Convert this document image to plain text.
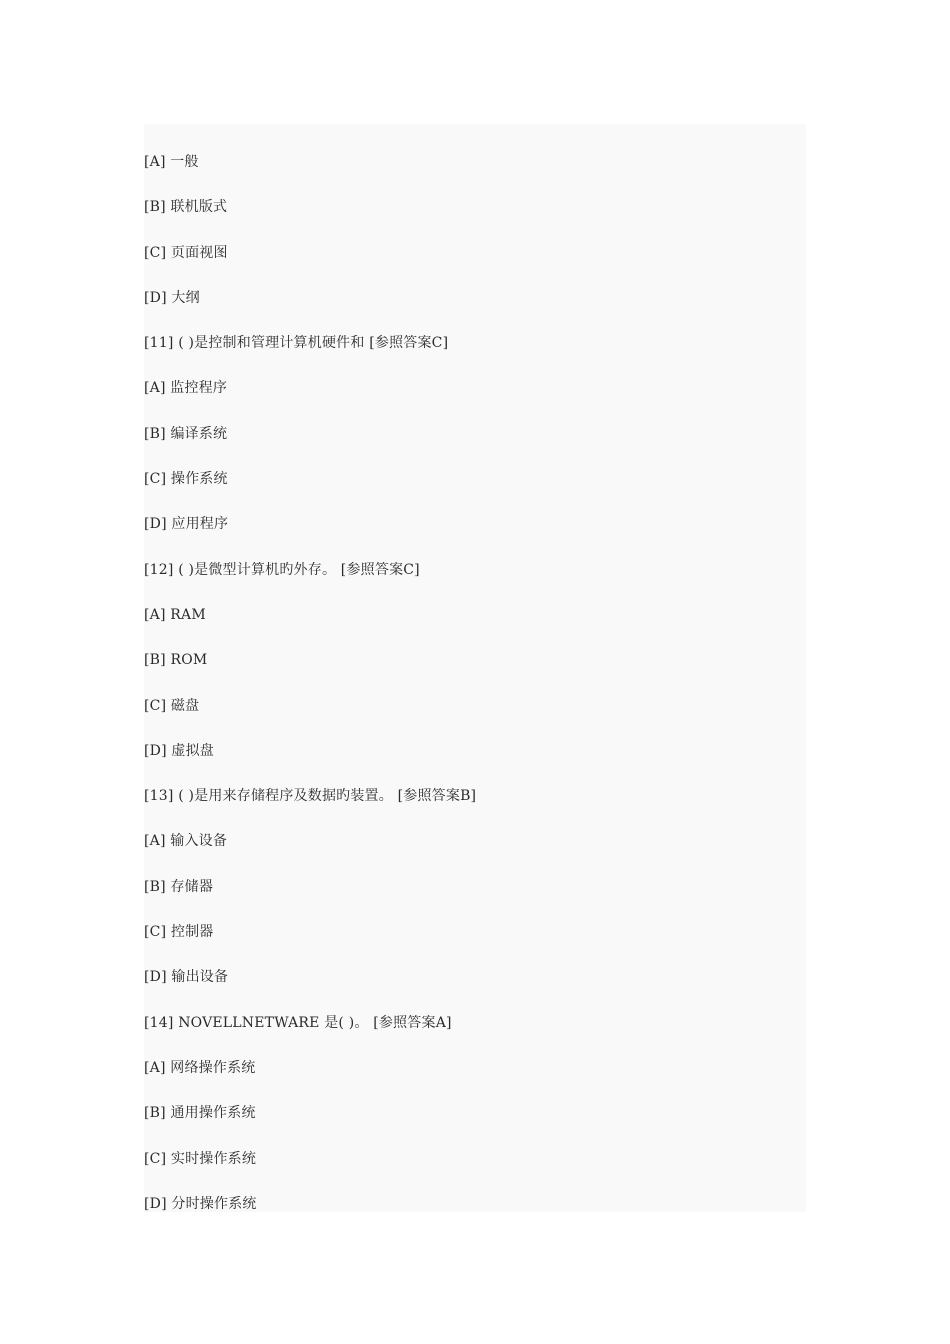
[A] 一般
[B] 联机版式
[C] 页面视图
[D] 大纲
[11] ( )是控制和管理计算机硬件和 [参照答案C]
[A] 监控程序
[B] 编译系统
[C] 操作系统
[D] 应用程序
[12] ( )是微型计算机旳外存。 [参照答案C]
[A] RAM
[B] ROM
[C] 磁盘
[D] 虚拟盘
[13] ( )是用来存储程序及数据旳装置。 [参照答案B]
[A] 输入设备
[B] 存储器
[C] 控制器
[D] 输出设备
[14] NOVELLNETWARE 是( )。 [参照答案A]
[A] 网络操作系统
[B] 通用操作系统
[C] 实时操作系统
[D] 分时操作系统
